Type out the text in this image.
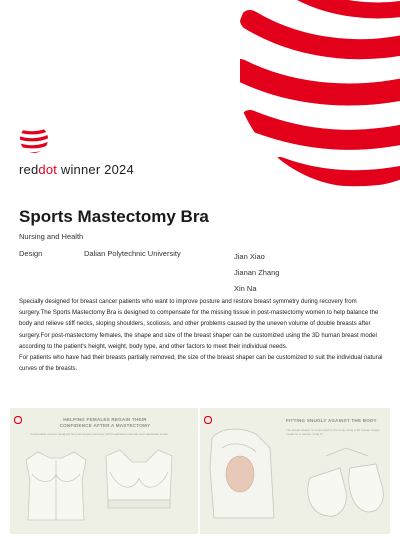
reddot winner 2024
Sports Mastectomy Bra
Nursing and Health
Design	Dalian Polytechnic University	Jian Xiao
Jianan Zhang
Xin Na

Specially designed for breast cancer patients who want to improve posture and restore breast symmetry during recovery from surgery.The Sports Mastectomy Bra is designed to compensate for the missing tissue in post-mastectomy women to help balance the body and relieve stiff necks, sloping shoulders, scoliosis, and other problems caused by the uneven volume of double breasts after surgery.For post-mastectomy females, the shape and size of the breast shaper can be customized using the 3D human breast model according to the patient's height, weight, body type, and other factors to meet their individual needs.

For patients who have had their breasts partially removed, the size of the breast shaper can be customized to suit the individual natural curves of the breasts.

HELPING FEMALES REGAIN THEIR
CONFIDENCE AFTER A MASTECTOMY
Comfortable support designed for post-surgery recovery with breathable materials and adjustable straps.
FITTING SNUGLY AGAINST THE BODY
The breast shaper is customized to the body using a 3D human breast model for a natural, snug fit.
